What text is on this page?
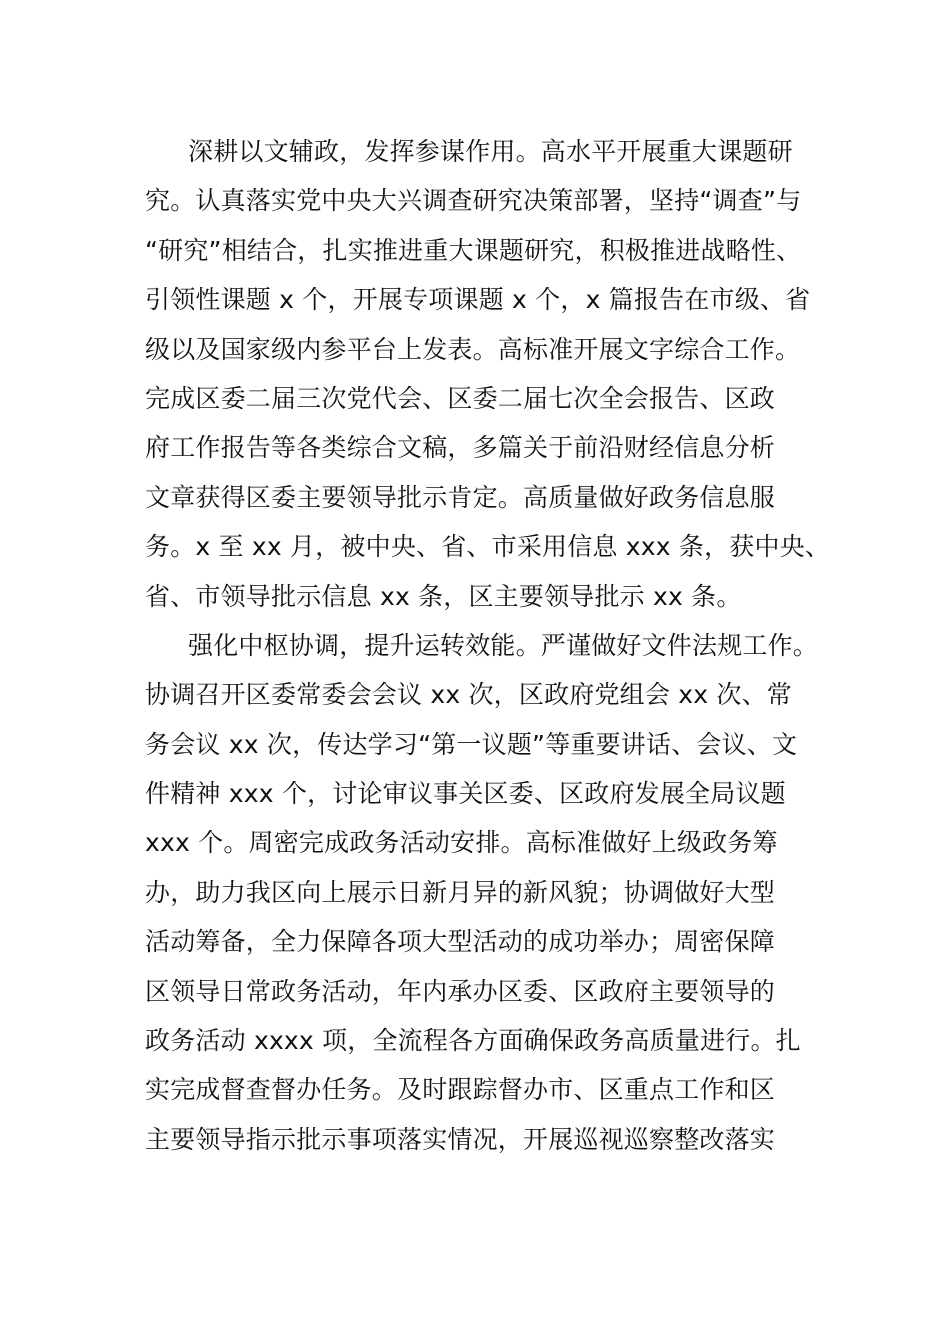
深耕以文辅政，发挥参谋作用。高水平开展重大课题研
究。认真落实党中央大兴调查研究决策部署，坚持“调查”与
“研究”相结合，扎实推进重大课题研究，积极推进战略性、
引领性课题 x 个，开展专项课题 x 个，x 篇报告在市级、省
级以及国家级内参平台上发表。高标准开展文字综合工作。
完成区委二届三次党代会、区委二届七次全会报告、区政
府工作报告等各类综合文稿，多篇关于前沿财经信息分析
文章获得区委主要领导批示肯定。高质量做好政务信息服
务。x 至 xx 月，被中央、省、市采用信息 xxx 条，获中央、
省、市领导批示信息 xx 条，区主要领导批示 xx 条。
强化中枢协调，提升运转效能。严谨做好文件法规工作。
协调召开区委常委会会议 xx 次，区政府党组会 xx 次、常
务会议 xx 次，传达学习“第一议题”等重要讲话、会议、文
件精神 xxx 个，讨论审议事关区委、区政府发展全局议题
xxx 个。周密完成政务活动安排。高标准做好上级政务筹
办，助力我区向上展示日新月异的新风貌；协调做好大型
活动筹备，全力保障各项大型活动的成功举办；周密保障
区领导日常政务活动，年内承办区委、区政府主要领导的
政务活动 xxxx 项，全流程各方面确保政务高质量进行。扎
实完成督查督办任务。及时跟踪督办市、区重点工作和区
主要领导指示批示事项落实情况，开展巡视巡察整改落实
